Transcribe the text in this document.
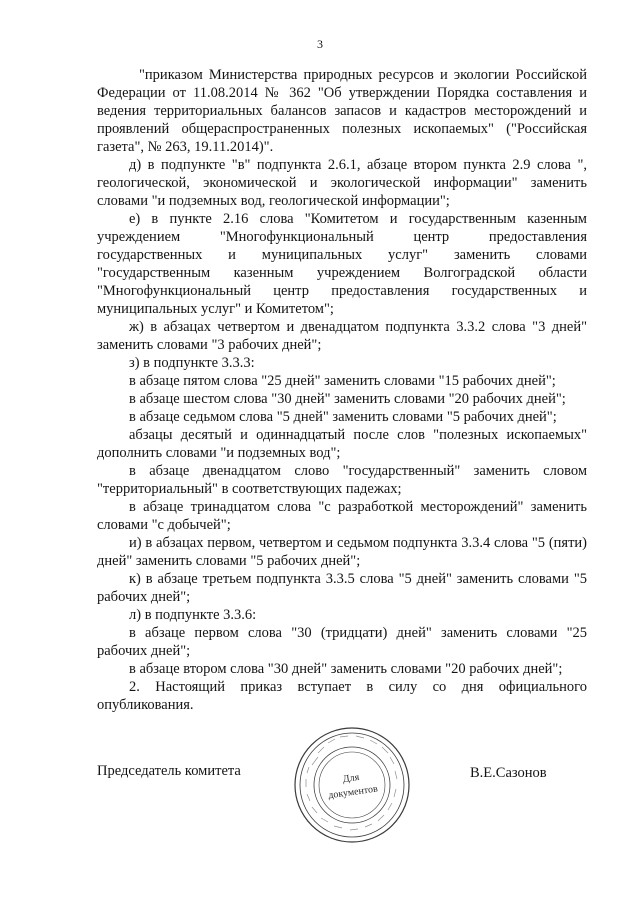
3

"приказом Министерства природных ресурсов и экологии Российской Федерации от 11.08.2014 № 362 "Об утверждении Порядка составления и ведения территориальных балансов запасов и кадастров месторождений и проявлений общераспространенных полезных ископаемых" ("Российская газета", № 263, 19.11.2014)".

д) в подпункте "в" подпункта 2.6.1, абзаце втором пункта 2.9 слова ", геологической, экономической и экологической информации" заменить словами "и подземных вод, геологической информации";

е) в пункте 2.16 слова "Комитетом и государственным казенным учреждением "Многофункциональный центр предоставления государственных и муниципальных услуг" заменить словами "государственным казенным учреждением Волгоградской области "Многофункциональный центр предоставления государственных и муниципальных услуг" и Комитетом";

ж) в абзацах четвертом и двенадцатом подпункта 3.3.2 слова "3 дней" заменить словами "3 рабочих дней";

з) в подпункте 3.3.3:

в абзаце пятом слова "25 дней" заменить словами "15 рабочих дней";

в абзаце шестом слова "30 дней" заменить словами "20 рабочих дней";

в абзаце седьмом слова "5 дней" заменить словами "5 рабочих дней";

абзацы десятый и одиннадцатый после слов "полезных ископаемых" дополнить словами "и подземных вод";

в абзаце двенадцатом слово "государственный" заменить словом "территориальный" в соответствующих падежах;

в абзаце тринадцатом слова "с разработкой месторождений" заменить словами "с добычей";

и) в абзацах первом, четвертом и седьмом подпункта 3.3.4 слова "5 (пяти) дней" заменить словами "5 рабочих дней";

к) в абзаце третьем подпункта 3.3.5 слова "5 дней" заменить словами "5 рабочих дней";

л) в подпункте 3.3.6:

в абзаце первом слова "30 (тридцати) дней" заменить словами "25 рабочих дней";

в абзаце втором слова "30 дней" заменить словами "20 рабочих дней";

2. Настоящий приказ вступает в силу со дня официального опубликования.

Для
документов
Председатель комитета	В.Е.Сазонов
